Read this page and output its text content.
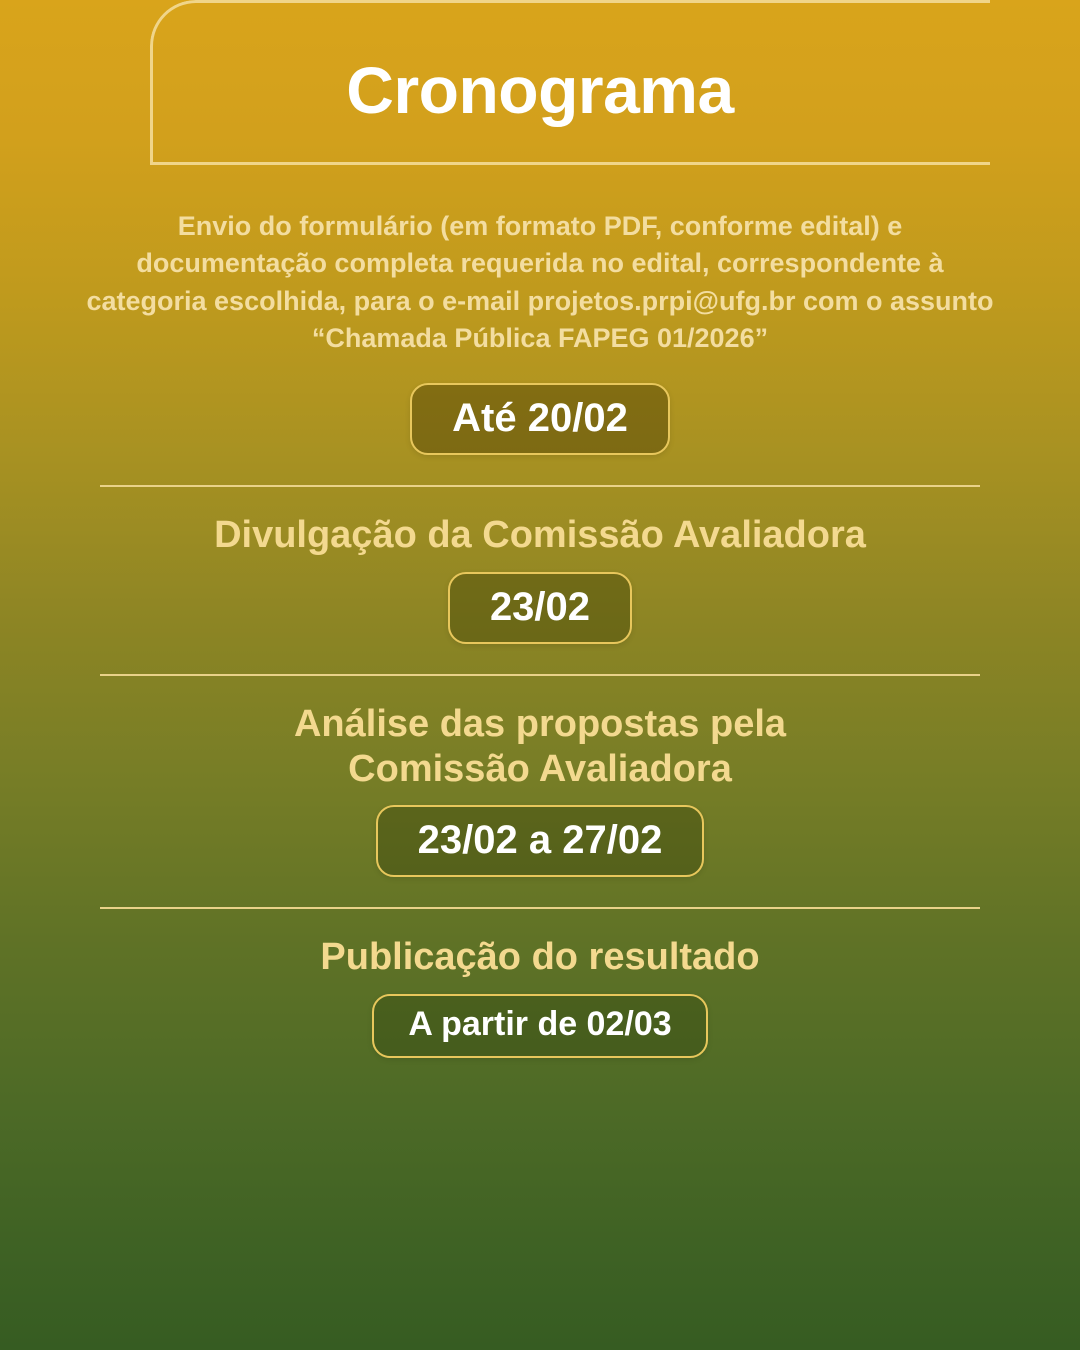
Cronograma
Envio do formulário (em formato PDF, conforme edital) e documentação completa requerida no edital, correspondente à categoria escolhida, para o e-mail projetos.prpi@ufg.br com o assunto “Chamada Pública FAPEG 01/2026”
Até 20/02
Divulgação da Comissão Avaliadora
23/02
Análise das propostas pela Comissão Avaliadora
23/02 a 27/02
Publicação do resultado
A partir de 02/03
